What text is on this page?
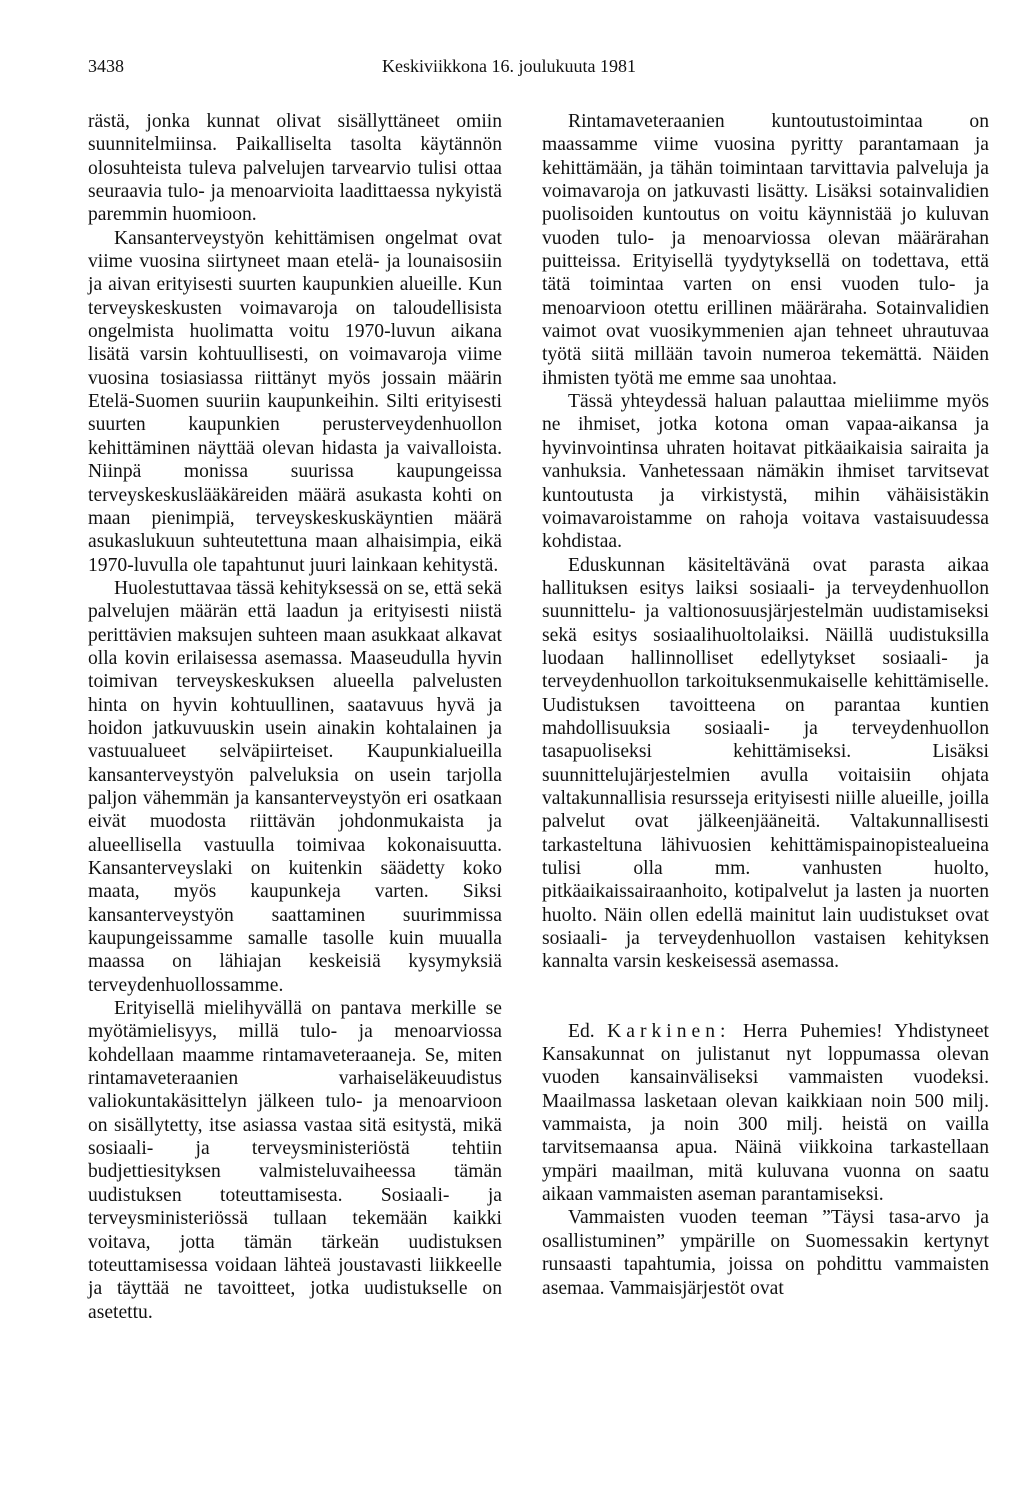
3438	Keskiviikkona 16. joulukuuta 1981

rästä, jonka kunnat olivat sisällyttäneet omiin suunnitelmiinsa. Paikalliselta tasolta käytännön olosuhteista tuleva palvelujen tarvearvio tulisi ottaa seuraavia tulo- ja menoarvioita laadittaessa nykyistä paremmin huomioon.

Kansanterveystyön kehittämisen ongelmat ovat viime vuosina siirtyneet maan etelä- ja lounaisosiin ja aivan erityisesti suurten kaupunkien alueille. Kun terveyskeskusten voimavaroja on taloudellisista ongelmista huolimatta voitu 1970-luvun aikana lisätä varsin kohtuullisesti, on voimavaroja viime vuosina tosiasiassa riittänyt myös jossain määrin Etelä-Suomen suuriin kaupunkeihin. Silti erityisesti suurten kaupunkien perusterveydenhuollon kehittäminen näyttää olevan hidasta ja vaivalloista. Niinpä monissa suurissa kaupungeissa terveyskeskuslääkäreiden määrä asukasta kohti on maan pienimpiä, terveyskeskuskäyntien määrä asukaslukuun suhteutettuna maan alhaisimpia, eikä 1970-luvulla ole tapahtunut juuri lainkaan kehitystä.

Huolestuttavaa tässä kehityksessä on se, että sekä palvelujen määrän että laadun ja erityisesti niistä perittävien maksujen suhteen maan asukkaat alkavat olla kovin erilaisessa asemassa. Maaseudulla hyvin toimivan terveyskeskuksen alueella palvelusten hinta on hyvin kohtuullinen, saatavuus hyvä ja hoidon jatkuvuuskin usein ainakin kohtalainen ja vastuualueet selväpiirteiset. Kaupunkialueilla kansanterveystyön palveluksia on usein tarjolla paljon vähemmän ja kansanterveystyön eri osatkaan eivät muodosta riittävän johdonmukaista ja alueellisella vastuulla toimivaa kokonaisuutta. Kansanterveyslaki on kuitenkin säädetty koko maata, myös kaupunkeja varten. Siksi kansanterveystyön saattaminen suurimmissa kaupungeissamme samalle tasolle kuin muualla maassa on lähiajan keskeisiä kysymyksiä terveydenhuollossamme.

Erityisellä mielihyvällä on pantava merkille se myötämielisyys, millä tulo- ja menoarviossa kohdellaan maamme rintamaveteraaneja. Se, miten rintamaveteraanien varhaiseläkeuudistus valiokuntakäsittelyn jälkeen tulo- ja menoarvioon on sisällytetty, itse asiassa vastaa sitä esitystä, mikä sosiaali- ja terveysministeriöstä tehtiin budjettiesityksen valmisteluvaiheessa tämän uudistuksen toteuttamisesta. Sosiaali- ja terveysministeriössä tullaan tekemään kaikki voitava, jotta tämän tärkeän uudistuksen toteuttamisessa voidaan lähteä joustavasti liikkeelle ja täyttää ne tavoitteet, jotka uudistukselle on asetettu.

Rintamaveteraanien kuntoutustoimintaa on maassamme viime vuosina pyritty parantamaan ja kehittämään, ja tähän toimintaan tarvittavia palveluja ja voimavaroja on jatkuvasti lisätty. Lisäksi sotainvalidien puolisoiden kuntoutus on voitu käynnistää jo kuluvan vuoden tulo- ja menoarviossa olevan määrärahan puitteissa. Erityisellä tyydytyksellä on todettava, että tätä toimintaa varten on ensi vuoden tulo- ja menoarvioon otettu erillinen määräraha. Sotainvalidien vaimot ovat vuosikymmenien ajan tehneet uhrautuvaa työtä siitä millään tavoin numeroa tekemättä. Näiden ihmisten työtä me emme saa unohtaa.

Tässä yhteydessä haluan palauttaa mieliimme myös ne ihmiset, jotka kotona oman vapaa-aikansa ja hyvinvointinsa uhraten hoitavat pitkäaikaisia sairaita ja vanhuksia. Vanhetessaan nämäkin ihmiset tarvitsevat kuntoutusta ja virkistystä, mihin vähäisistäkin voimavaroistamme on rahoja voitava vastaisuudessa kohdistaa.

Eduskunnan käsiteltävänä ovat parasta aikaa hallituksen esitys laiksi sosiaali- ja terveydenhuollon suunnittelu- ja valtionosuusjärjestelmän uudistamiseksi sekä esitys sosiaalihuoltolaiksi. Näillä uudistuksilla luodaan hallinnolliset edellytykset sosiaali- ja terveydenhuollon tarkoituksenmukaiselle kehittämiselle. Uudistuksen tavoitteena on parantaa kuntien mahdollisuuksia sosiaali- ja terveydenhuollon tasapuoliseksi kehittämiseksi. Lisäksi suunnittelujärjestelmien avulla voitaisiin ohjata valtakunnallisia resursseja erityisesti niille alueille, joilla palvelut ovat jälkeenjääneitä. Valtakunnallisesti tarkasteltuna lähivuosien kehittämispainopistealueina tulisi olla mm. vanhusten huolto, pitkäaikaissairaanhoito, kotipalvelut ja lasten ja nuorten huolto. Näin ollen edellä mainitut lain uudistukset ovat sosiaali- ja terveydenhuollon vastaisen kehityksen kannalta varsin keskeisessä asemassa.

Ed. Karkinen: Herra Puhemies! Yhdistyneet Kansakunnat on julistanut nyt loppumassa olevan vuoden kansainväliseksi vammaisten vuodeksi. Maailmassa lasketaan olevan kaikkiaan noin 500 milj. vammaista, ja noin 300 milj. heistä on vailla tarvitsemaansa apua. Näinä viikkoina tarkastellaan ympäri maailman, mitä kuluvana vuonna on saatu aikaan vammaisten aseman parantamiseksi.

Vammaisten vuoden teeman ”Täysi tasa-arvo ja osallistuminen” ympärille on Suomessakin kertynyt runsaasti tapahtumia, joissa on pohdittu vammaisten asemaa. Vammaisjärjestöt ovat
